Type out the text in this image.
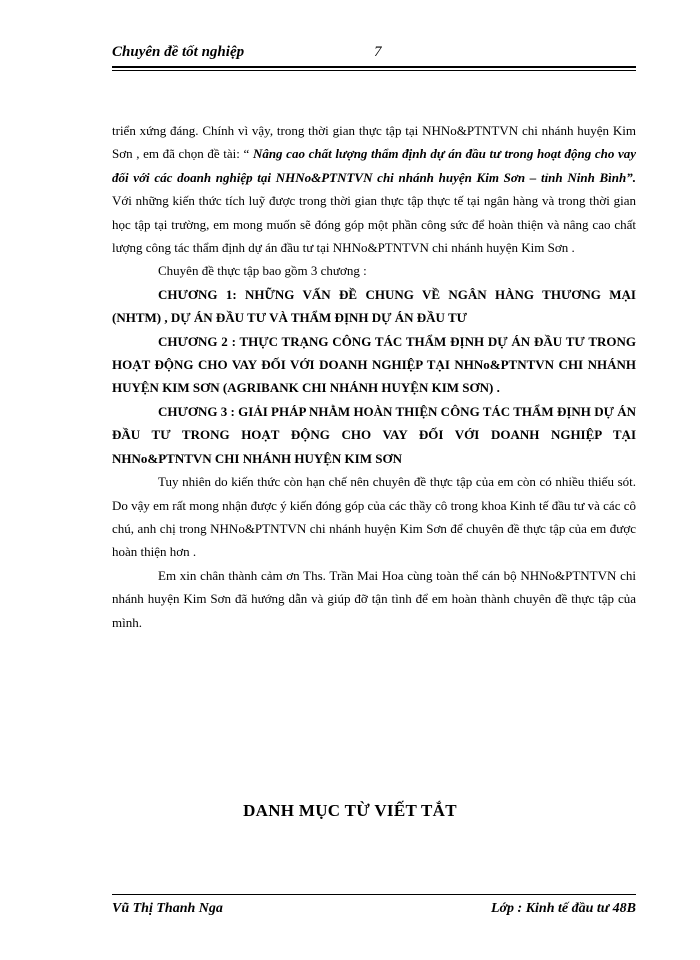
Chuyên đề tốt nghiệp	7

triển xứng đáng. Chính vì vậy, trong thời gian thực tập tại NHNo&PTNTVN chi nhánh huyện Kim Sơn , em đã chọn đề tài: “ Nâng cao chất lượng thẩm định dự án đầu tư trong hoạt động cho vay đối với các doanh nghiệp tại NHNo&PTNTVN chi nhánh huyện Kim Sơn – tỉnh Ninh Bình”. Với những kiến thức tích luỹ được trong thời gian thực tập thực tế tại ngân hàng và trong thời gian học tập tại trường, em mong muốn sẽ đóng góp một phần công sức để hoàn thiện và nâng cao chất lượng công tác thẩm định dự án đầu tư tại NHNo&PTNTVN chi nhánh huyện Kim Sơn .

Chuyên đề thực tập bao gồm 3 chương :

CHƯƠNG 1: NHỮNG VẤN ĐỀ CHUNG VỀ NGÂN HÀNG THƯƠNG MẠI (NHTM) , DỰ ÁN ĐẦU TƯ VÀ THẨM ĐỊNH DỰ ÁN ĐẦU TƯ

CHƯƠNG 2 : THỰC TRẠNG CÔNG TÁC THẨM ĐỊNH DỰ ÁN ĐẦU TƯ TRONG HOẠT ĐỘNG CHO VAY ĐỐI VỚI DOANH NGHIỆP TẠI NHNo&PTNTVN CHI NHÁNH HUYỆN KIM SƠN (AGRIBANK CHI NHÁNH HUYỆN KIM SƠN) .

CHƯƠNG 3 : GIẢI PHÁP NHẰM HOÀN THIỆN CÔNG TÁC THẨM ĐỊNH DỰ ÁN ĐẦU TƯ TRONG HOẠT ĐỘNG CHO VAY ĐỐI VỚI DOANH NGHIỆP TẠI NHNo&PTNTVN CHI NHÁNH HUYỆN KIM SƠN

Tuy nhiên do kiến thức còn hạn chế nên chuyên đề thực tập của em còn có nhiều thiếu sót. Do vậy em rất mong nhận được ý kiến đóng góp của các thầy cô trong khoa Kinh tế đầu tư và các cô chú, anh chị trong NHNo&PTNTVN chi nhánh huyện Kim Sơn để chuyên đề thực tập của em được hoàn thiện hơn .

Em xin chân thành cảm ơn Ths. Trần Mai Hoa cùng toàn thể cán bộ NHNo&PTNTVN chi nhánh huyện Kim Sơn đã hướng dẫn và giúp đỡ tận tình để em hoàn thành chuyên đề thực tập của mình.

DANH MỤC TỪ VIẾT TẮT
Vũ Thị Thanh Nga	Lớp : Kinh tế đầu tư 48B
